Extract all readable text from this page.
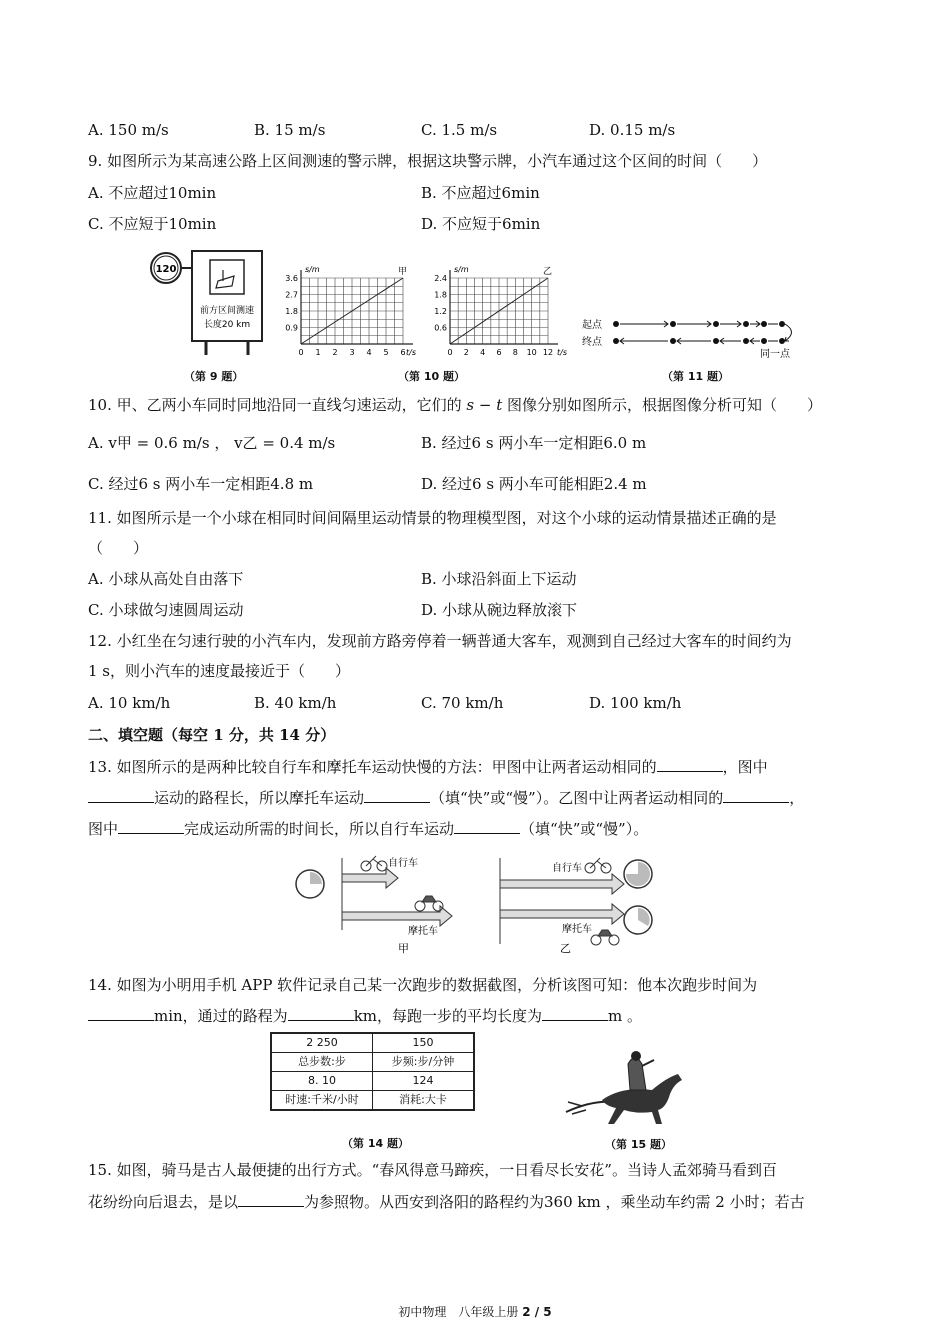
A. 150 m/s	B. 15 m/s	C. 1.5 m/s	D. 0.15 m/s
9. 如图所示为某高速公路上区间测速的警示牌，根据这块警示牌，小汽车通过这个区间的时间（　　）
A. 不应超过10min	B. 不应超过6min
C. 不应短于10min	D. 不应短于6min
120
前方区间测速
长度20 km
（第 9 题）
s/m	甲
t/s
3.6
2.7
1.8
0.9
0 1 2 3 4 5 6
s/m	乙
t/s
2.4
1.8
1.2
0.6
0 2 4 6 8 10 12
（第 10 题）
起点
终点
同一点
（第 11 题）
10. 甲、乙两小车同时同地沿同一直线匀速运动，它们的 s − t 图像分别如图所示，根据图像分析可知（　　）
A. v甲 = 0.6 m/s ， v乙 = 0.4 m/s	B. 经过6 s 两小车一定相距6.0 m
C. 经过6 s 两小车一定相距4.8 m	D. 经过6 s 两小车可能相距2.4 m
11. 如图所示是一个小球在相同时间间隔里运动情景的物理模型图，对这个小球的运动情景描述正确的是
（　　）
A. 小球从高处自由落下	B. 小球沿斜面上下运动
C. 小球做匀速圆周运动	D. 小球从碗边释放滚下
12. 小红坐在匀速行驶的小汽车内，发现前方路旁停着一辆普通大客车，观测到自己经过大客车的时间约为
1 s，则小汽车的速度最接近于（　　）
A. 10 km/h	B. 40 km/h	C. 70 km/h	D. 100 km/h
二、填空题（每空 1 分，共 14 分）
13. 如图所示的是两种比较自行车和摩托车运动快慢的方法：甲图中让两者运动相同的	，图中
运动的路程长，所以摩托车运动	（填“快”或“慢”）。乙图中让两者运动相同的	，
图中	完成运动所需的时间长，所以自行车运动	（填“快”或“慢”）。
自行车
摩托车
甲
自行车
摩托车
乙
14. 如图为小明用手机 APP 软件记录自己某一次跑步的数据截图，分析该图可知：他本次跑步时间为
min，通过的路程为	km，每跑一步的平均长度为	m 。
2 250	150
总步数:步	步频:步/分钟
8. 10	124
时速:千米/小时	消耗:大卡
（第 14 题）	（第 15 题）
15. 如图，骑马是古人最便捷的出行方式。“春风得意马蹄疾，一日看尽长安花”。当诗人孟郊骑马看到百
花纷纷向后退去，是以	为参照物。从西安到洛阳的路程约为360 km ，乘坐动车约需 2 小时；若古
初中物理　八年级上册 2 / 5
